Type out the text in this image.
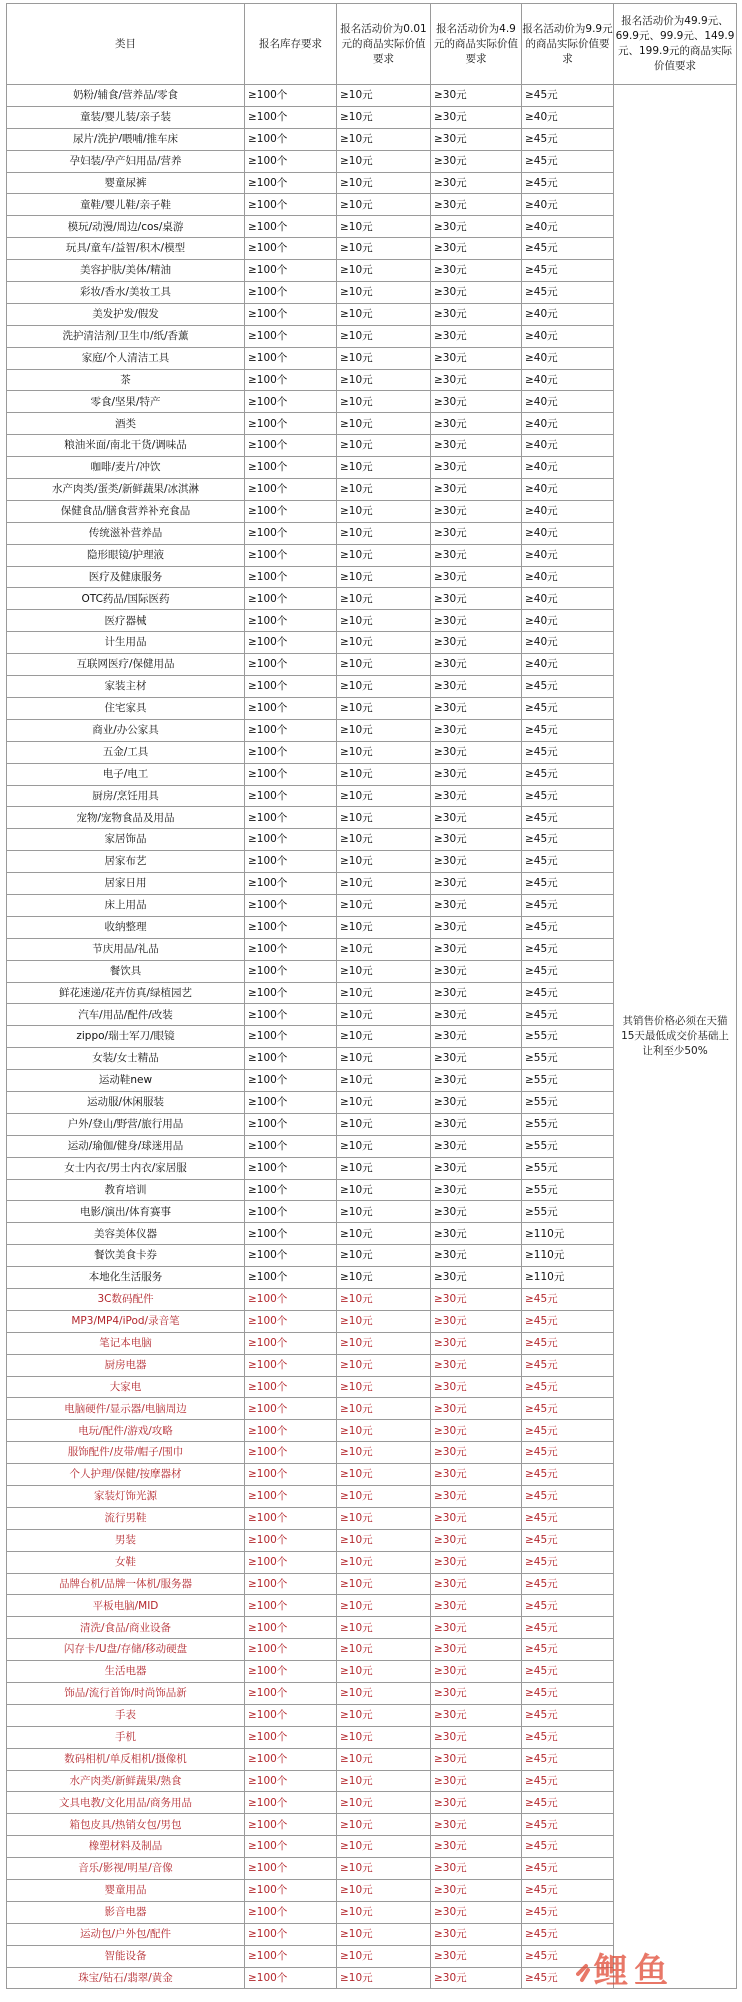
类目	报名库存要求	报名活动价为0.01元的商品实际价值要求	报名活动价为4.9元的商品实际价值要求	报名活动价为9.9元的商品实际价值要求	报名活动价为49.9元、69.9元、99.9元、149.9元、199.9元的商品实际价值要求
奶粉/辅食/营养品/零食	≥100个	≥10元	≥30元	≥45元	其销售价格必须在天猫15天最低成交价基础上让利至少50%
童装/婴儿装/亲子装	≥100个	≥10元	≥30元	≥40元	
尿片/洗护/喂哺/推车床	≥100个	≥10元	≥30元	≥45元	
孕妇装/孕产妇用品/营养	≥100个	≥10元	≥30元	≥45元	
婴童尿裤	≥100个	≥10元	≥30元	≥45元	
童鞋/婴儿鞋/亲子鞋	≥100个	≥10元	≥30元	≥40元	
模玩/动漫/周边/cos/桌游	≥100个	≥10元	≥30元	≥40元	
玩具/童车/益智/积木/模型	≥100个	≥10元	≥30元	≥45元	
美容护肤/美体/精油	≥100个	≥10元	≥30元	≥45元	
彩妆/香水/美妆工具	≥100个	≥10元	≥30元	≥45元	
美发护发/假发	≥100个	≥10元	≥30元	≥40元	
洗护清洁剂/卫生巾/纸/香薰	≥100个	≥10元	≥30元	≥40元	
家庭/个人清洁工具	≥100个	≥10元	≥30元	≥40元	
茶	≥100个	≥10元	≥30元	≥40元	
零食/坚果/特产	≥100个	≥10元	≥30元	≥40元	
酒类	≥100个	≥10元	≥30元	≥40元	
粮油米面/南北干货/调味品	≥100个	≥10元	≥30元	≥40元	
咖啡/麦片/冲饮	≥100个	≥10元	≥30元	≥40元	
水产肉类/蛋类/新鲜蔬果/冰淇淋	≥100个	≥10元	≥30元	≥40元	
保健食品/膳食营养补充食品	≥100个	≥10元	≥30元	≥40元	
传统滋补营养品	≥100个	≥10元	≥30元	≥40元	
隐形眼镜/护理液	≥100个	≥10元	≥30元	≥40元	
医疗及健康服务	≥100个	≥10元	≥30元	≥40元	
OTC药品/国际医药	≥100个	≥10元	≥30元	≥40元	
医疗器械	≥100个	≥10元	≥30元	≥40元	
计生用品	≥100个	≥10元	≥30元	≥40元	
互联网医疗/保健用品	≥100个	≥10元	≥30元	≥40元	
家装主材	≥100个	≥10元	≥30元	≥45元	
住宅家具	≥100个	≥10元	≥30元	≥45元	
商业/办公家具	≥100个	≥10元	≥30元	≥45元	
五金/工具	≥100个	≥10元	≥30元	≥45元	
电子/电工	≥100个	≥10元	≥30元	≥45元	
厨房/烹饪用具	≥100个	≥10元	≥30元	≥45元	
宠物/宠物食品及用品	≥100个	≥10元	≥30元	≥45元	
家居饰品	≥100个	≥10元	≥30元	≥45元	
居家布艺	≥100个	≥10元	≥30元	≥45元	
居家日用	≥100个	≥10元	≥30元	≥45元	
床上用品	≥100个	≥10元	≥30元	≥45元	
收纳整理	≥100个	≥10元	≥30元	≥45元	
节庆用品/礼品	≥100个	≥10元	≥30元	≥45元	
餐饮具	≥100个	≥10元	≥30元	≥45元	
鲜花速递/花卉仿真/绿植园艺	≥100个	≥10元	≥30元	≥45元	
汽车/用品/配件/改装	≥100个	≥10元	≥30元	≥45元	
zippo/瑞士军刀/眼镜	≥100个	≥10元	≥30元	≥55元	
女装/女士精品	≥100个	≥10元	≥30元	≥55元	
运动鞋new	≥100个	≥10元	≥30元	≥55元	
运动服/休闲服装	≥100个	≥10元	≥30元	≥55元	
户外/登山/野营/旅行用品	≥100个	≥10元	≥30元	≥55元	
运动/瑜伽/健身/球迷用品	≥100个	≥10元	≥30元	≥55元	
女士内衣/男士内衣/家居服	≥100个	≥10元	≥30元	≥55元	
教育培训	≥100个	≥10元	≥30元	≥55元	
电影/演出/体育赛事	≥100个	≥10元	≥30元	≥55元	
美容美体仪器	≥100个	≥10元	≥30元	≥110元	
餐饮美食卡券	≥100个	≥10元	≥30元	≥110元	
本地化生活服务	≥100个	≥10元	≥30元	≥110元	
3C数码配件	≥100个	≥10元	≥30元	≥45元	
MP3/MP4/iPod/录音笔	≥100个	≥10元	≥30元	≥45元	
笔记本电脑	≥100个	≥10元	≥30元	≥45元	
厨房电器	≥100个	≥10元	≥30元	≥45元	
大家电	≥100个	≥10元	≥30元	≥45元	
电脑硬件/显示器/电脑周边	≥100个	≥10元	≥30元	≥45元	
电玩/配件/游戏/攻略	≥100个	≥10元	≥30元	≥45元	
服饰配件/皮带/帽子/围巾	≥100个	≥10元	≥30元	≥45元	
个人护理/保健/按摩器材	≥100个	≥10元	≥30元	≥45元	
家装灯饰光源	≥100个	≥10元	≥30元	≥45元	
流行男鞋	≥100个	≥10元	≥30元	≥45元	
男装	≥100个	≥10元	≥30元	≥45元	
女鞋	≥100个	≥10元	≥30元	≥45元	
品牌台机/品牌一体机/服务器	≥100个	≥10元	≥30元	≥45元	
平板电脑/MID	≥100个	≥10元	≥30元	≥45元	
清洗/食品/商业设备	≥100个	≥10元	≥30元	≥45元	
闪存卡/U盘/存储/移动硬盘	≥100个	≥10元	≥30元	≥45元	
生活电器	≥100个	≥10元	≥30元	≥45元	
饰品/流行首饰/时尚饰品新	≥100个	≥10元	≥30元	≥45元	
手表	≥100个	≥10元	≥30元	≥45元	
手机	≥100个	≥10元	≥30元	≥45元	
数码相机/单反相机/摄像机	≥100个	≥10元	≥30元	≥45元	
水产肉类/新鲜蔬果/熟食	≥100个	≥10元	≥30元	≥45元	
文具电教/文化用品/商务用品	≥100个	≥10元	≥30元	≥45元	
箱包皮具/热销女包/男包	≥100个	≥10元	≥30元	≥45元	
橡塑材料及制品	≥100个	≥10元	≥30元	≥45元	
音乐/影视/明星/音像	≥100个	≥10元	≥30元	≥45元	
婴童用品	≥100个	≥10元	≥30元	≥45元	
影音电器	≥100个	≥10元	≥30元	≥45元	
运动包/户外包/配件	≥100个	≥10元	≥30元	≥45元	
智能设备	≥100个	≥10元	≥30元	≥45元	
珠宝/钻石/翡翠/黄金	≥100个	≥10元	≥30元	≥45元	鲤鱼
